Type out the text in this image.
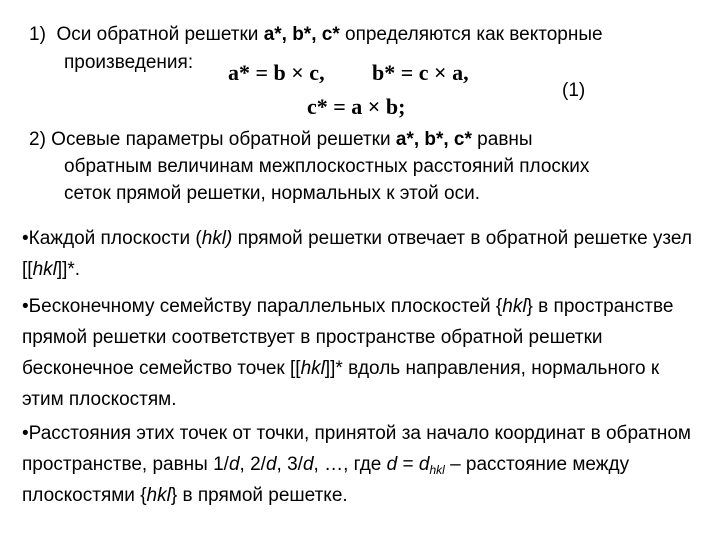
1) Оси обратной решетки a*, b*, c* определяются как векторные
произведения: a* = b × c, b* = c × a,
c* = a × b;
(1)
2) Осевые параметры обратной решетки a*, b*, c* равны
обратным величинам межплоскостных расстояний плоских
сеток прямой решетки, нормальных к этой оси.
•Каждой плоскости (hkl) прямой решетки отвечает в обратной решетке узел [[hkl]]*.
•Бесконечному семейству параллельных плоскостей {hkl} в пространстве прямой решетки соответствует в пространстве обратной решетки бесконечное семейство точек [[hkl]]* вдоль направления, нормального к этим плоскостям.
•Расстояния этих точек от точки, принятой за начало координат в обратном пространстве, равны 1/d, 2/d, 3/d, …, где $d = d_{hkl}$ – расстояние между плоскостями {hkl} в прямой решетке.
